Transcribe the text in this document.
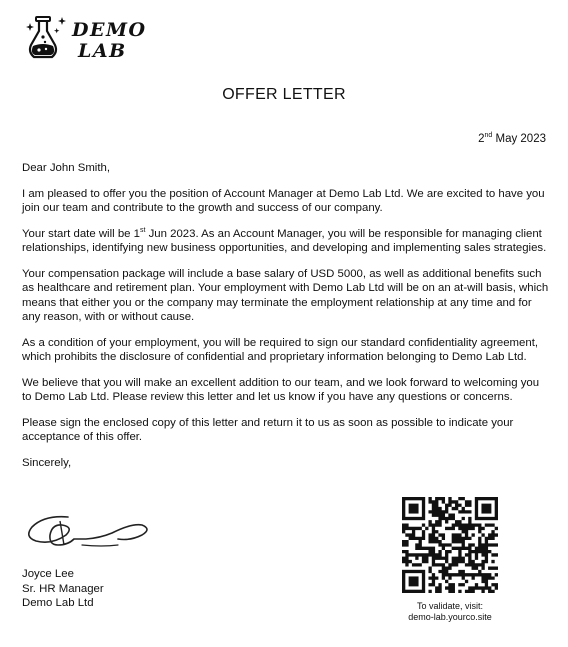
DEMO
LAB
OFFER LETTER
2nd May 2023

Dear John Smith,

I am pleased to offer you the position of Account Manager at Demo Lab Ltd. We are excited to have you join our team and contribute to the growth and success of our company.

Your start date will be 1st Jun 2023. As an Account Manager, you will be responsible for managing client relationships, identifying new business opportunities, and developing and implementing sales strategies.

Your compensation package will include a base salary of USD 5000, as well as additional benefits such as healthcare and retirement plan. Your employment with Demo Lab Ltd will be on an at-will basis, which means that either you or the company may terminate the employment relationship at any time and for any reason, with or without cause.

As a condition of your employment, you will be required to sign our standard confidentiality agreement, which prohibits the disclosure of confidential and proprietary information belonging to Demo Lab Ltd.

We believe that you will make an excellent addition to our team, and we look forward to welcoming you to Demo Lab Ltd. Please review this letter and let us know if you have any questions or concerns.

Please sign the enclosed copy of this letter and return it to us as soon as possible to indicate your acceptance of this offer.

Sincerely,

Joyce Lee
Sr. HR Manager
Demo Lab Ltd	To validate, visit:
demo-lab.yourco.site
